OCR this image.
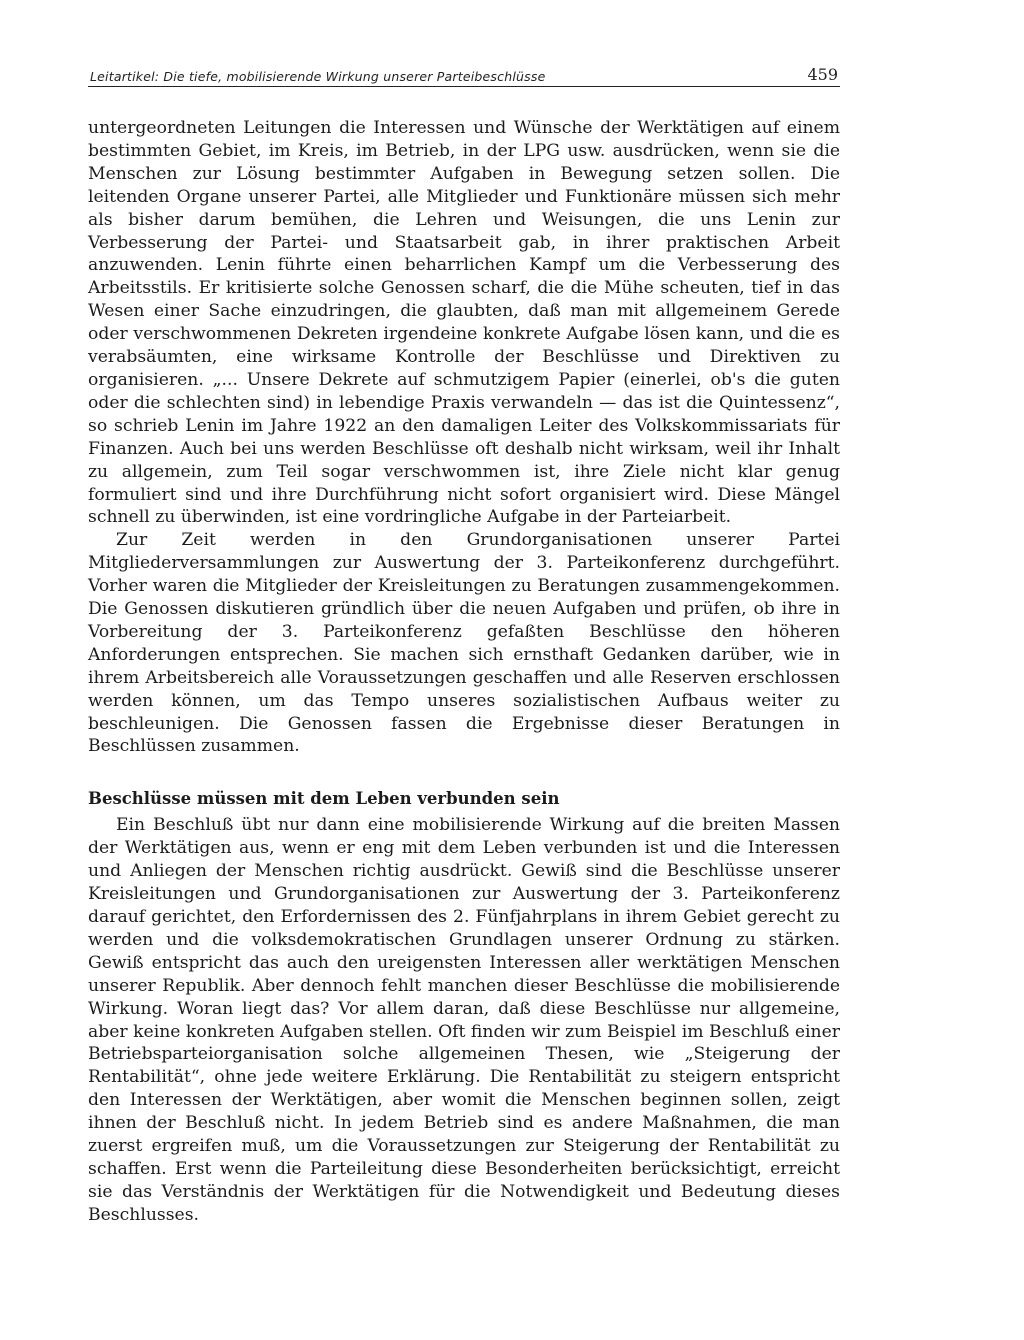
Leitartikel: Die tiefe, mobilisierende Wirkung unserer Parteibeschlüsse	459

untergeordneten Leitungen die Interessen und Wünsche der Werktätigen auf einem bestimmten Gebiet, im Kreis, im Betrieb, in der LPG usw. ausdrücken, wenn sie die Menschen zur Lösung bestimmter Aufgaben in Bewegung setzen sollen. Die leitenden Organe unserer Partei, alle Mitglieder und Funktionäre müssen sich mehr als bisher darum bemühen, die Lehren und Weisungen, die uns Lenin zur Verbesserung der Partei- und Staatsarbeit gab, in ihrer praktischen Arbeit anzuwenden. Lenin führte einen beharrlichen Kampf um die Verbesserung des Arbeitsstils. Er kritisierte solche Genossen scharf, die die Mühe scheuten, tief in das Wesen einer Sache einzudringen, die glaubten, daß man mit allgemeinem Gerede oder verschwommenen Dekreten irgendeine konkrete Aufgabe lösen kann, und die es verabsäumten, eine wirksame Kontrolle der Beschlüsse und Direktiven zu organisieren. „... Unsere Dekrete auf schmutzigem Papier (einerlei, ob's die guten oder die schlechten sind) in lebendige Praxis verwandeln — das ist die Quintessenz“, so schrieb Lenin im Jahre 1922 an den damaligen Leiter des Volkskommissariats für Finanzen. Auch bei uns werden Beschlüsse oft deshalb nicht wirksam, weil ihr Inhalt zu allgemein, zum Teil sogar verschwommen ist, ihre Ziele nicht klar genug formuliert sind und ihre Durchführung nicht sofort organisiert wird. Diese Mängel schnell zu überwinden, ist eine vordringliche Aufgabe in der Parteiarbeit.

Zur Zeit werden in den Grundorganisationen unserer Partei Mitgliederversammlungen zur Auswertung der 3. Parteikonferenz durchgeführt. Vorher waren die Mitglieder der Kreisleitungen zu Beratungen zusammengekommen. Die Genossen diskutieren gründlich über die neuen Aufgaben und prüfen, ob ihre in Vorbereitung der 3. Parteikonferenz gefaßten Beschlüsse den höheren Anforderungen entsprechen. Sie machen sich ernsthaft Gedanken darüber, wie in ihrem Arbeitsbereich alle Voraussetzungen geschaffen und alle Reserven erschlossen werden können, um das Tempo unseres sozialistischen Aufbaus weiter zu beschleunigen. Die Genossen fassen die Ergebnisse dieser Beratungen in Beschlüssen zusammen.

Beschlüsse müssen mit dem Leben verbunden sein

Ein Beschluß übt nur dann eine mobilisierende Wirkung auf die breiten Massen der Werktätigen aus, wenn er eng mit dem Leben verbunden ist und die Interessen und Anliegen der Menschen richtig ausdrückt. Gewiß sind die Beschlüsse unserer Kreisleitungen und Grundorganisationen zur Auswertung der 3. Parteikonferenz darauf gerichtet, den Erfordernissen des 2. Fünfjahrplans in ihrem Gebiet gerecht zu werden und die volksdemokratischen Grundlagen unserer Ordnung zu stärken. Gewiß entspricht das auch den ureigensten Interessen aller werktätigen Menschen unserer Republik. Aber dennoch fehlt manchen dieser Beschlüsse die mobilisierende Wirkung. Woran liegt das? Vor allem daran, daß diese Beschlüsse nur allgemeine, aber keine konkreten Aufgaben stellen. Oft finden wir zum Beispiel im Beschluß einer Betriebsparteiorganisation solche allgemeinen Thesen, wie „Steigerung der Rentabilität“, ohne jede weitere Erklärung. Die Rentabilität zu steigern entspricht den Interessen der Werktätigen, aber womit die Menschen beginnen sollen, zeigt ihnen der Beschluß nicht. In jedem Betrieb sind es andere Maßnahmen, die man zuerst ergreifen muß, um die Voraussetzungen zur Steigerung der Rentabilität zu schaffen. Erst wenn die Parteileitung diese Besonderheiten berücksichtigt, erreicht sie das Verständnis der Werktätigen für die Notwendigkeit und Bedeutung dieses Beschlusses.
